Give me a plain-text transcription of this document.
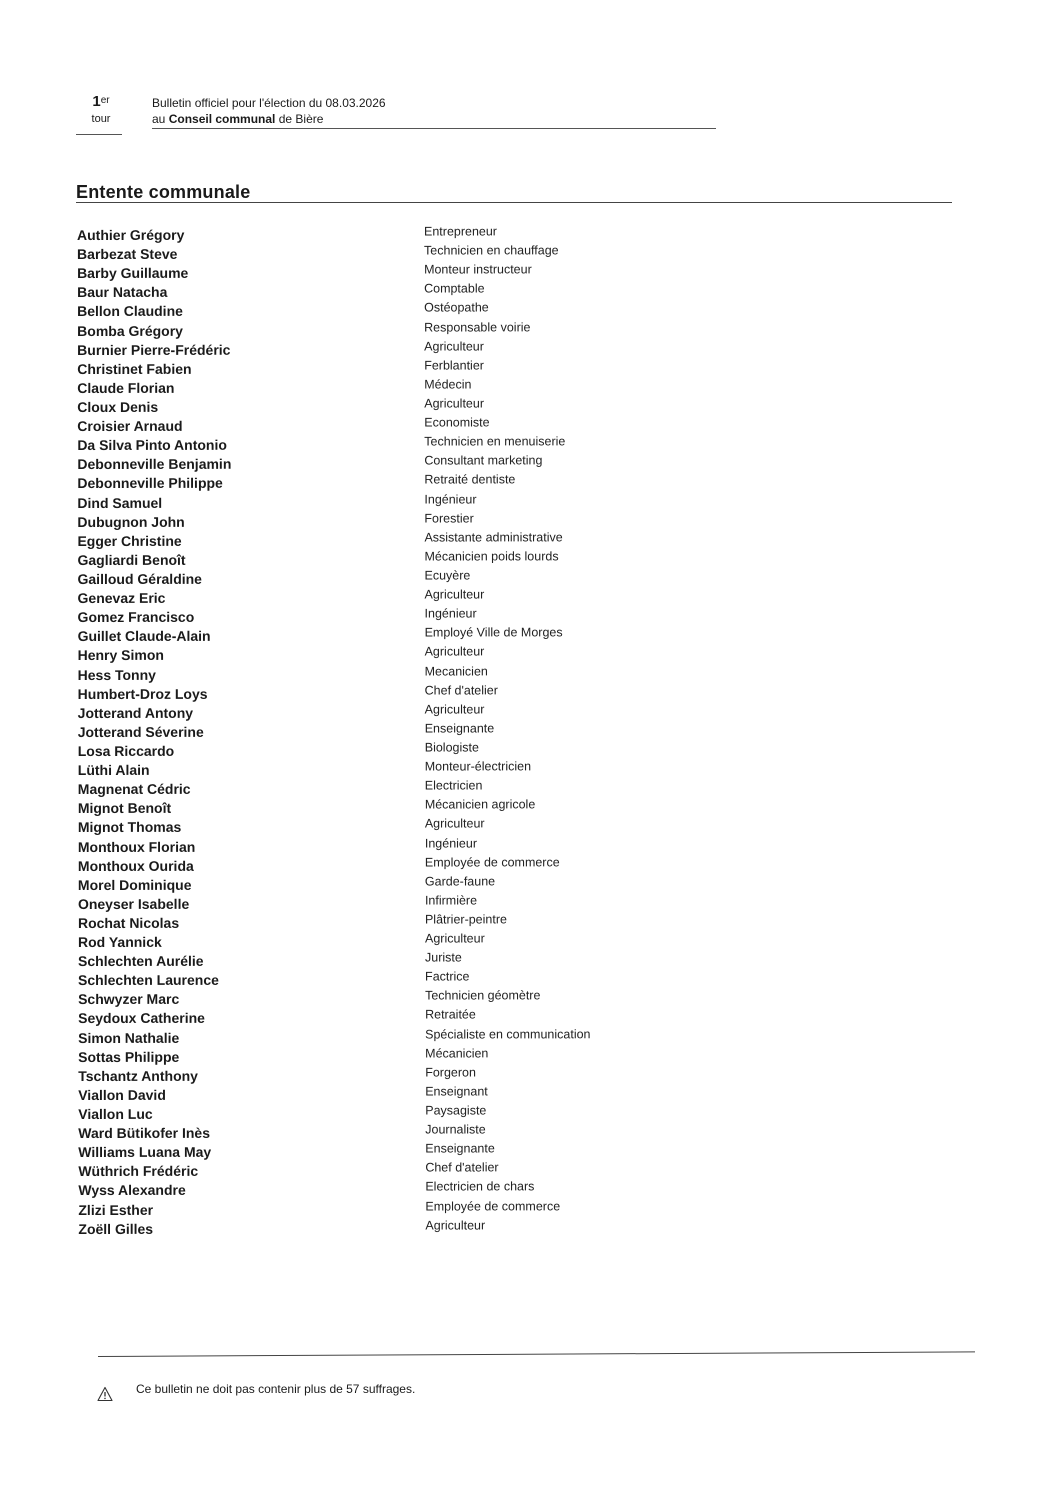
1er
tour
Bulletin officiel pour l'élection du 08.03.2026
au Conseil communal de Bière
Entente communale
Authier Grégory	Entrepreneur
Barbezat Steve	Technicien en chauffage
Barby Guillaume	Monteur instructeur
Baur Natacha	Comptable
Bellon Claudine	Ostéopathe
Bomba Grégory	Responsable voirie
Burnier Pierre-Frédéric	Agriculteur
Christinet Fabien	Ferblantier
Claude Florian	Médecin
Cloux Denis	Agriculteur
Croisier Arnaud	Economiste
Da Silva Pinto Antonio	Technicien en menuiserie
Debonneville Benjamin	Consultant marketing
Debonneville Philippe	Retraité dentiste
Dind Samuel	Ingénieur
Dubugnon John	Forestier
Egger Christine	Assistante administrative
Gagliardi Benoît	Mécanicien poids lourds
Gailloud Géraldine	Ecuyère
Genevaz Eric	Agriculteur
Gomez Francisco	Ingénieur
Guillet Claude-Alain	Employé Ville de Morges
Henry Simon	Agriculteur
Hess Tonny	Mecanicien
Humbert-Droz Loys	Chef d'atelier
Jotterand Antony	Agriculteur
Jotterand Séverine	Enseignante
Losa Riccardo	Biologiste
Lüthi Alain	Monteur-électricien
Magnenat Cédric	Electricien
Mignot Benoît	Mécanicien agricole
Mignot Thomas	Agriculteur
Monthoux Florian	Ingénieur
Monthoux Ourida	Employée de commerce
Morel Dominique	Garde-faune
Oneyser Isabelle	Infirmière
Rochat Nicolas	Plâtrier-peintre
Rod Yannick	Agriculteur
Schlechten Aurélie	Juriste
Schlechten Laurence	Factrice
Schwyzer Marc	Technicien géomètre
Seydoux Catherine	Retraitée
Simon Nathalie	Spécialiste en communication
Sottas Philippe	Mécanicien
Tschantz Anthony	Forgeron
Viallon David	Enseignant
Viallon Luc	Paysagiste
Ward Bütikofer Inès	Journaliste
Williams Luana May	Enseignante
Wüthrich Frédéric	Chef d'atelier
Wyss Alexandre	Electricien de chars
Zlizi Esther	Employée de commerce
Zoëll Gilles	Agriculteur
Ce bulletin ne doit pas contenir plus de 57 suffrages.
